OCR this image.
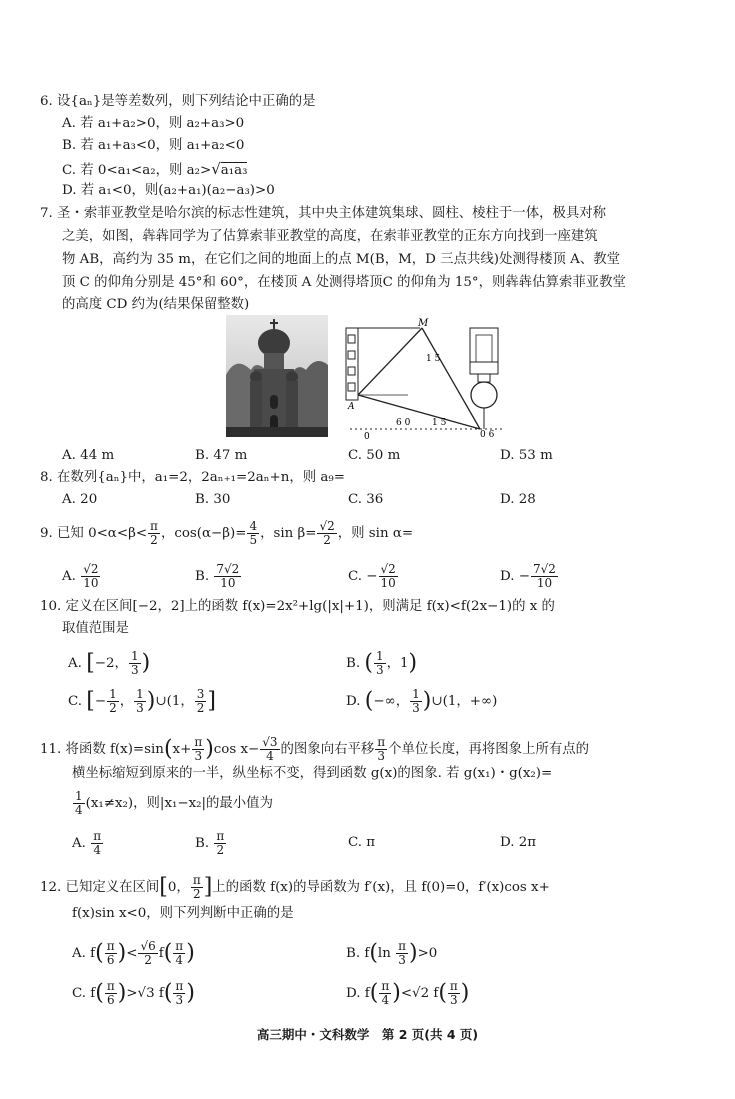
6. 设{aₙ}是等差数列，则下列结论中正确的是
A. 若 a₁+a₂>0，则 a₂+a₃>0
B. 若 a₁+a₃<0，则 a₁+a₂<0
C. 若 0<a₁<a₂，则 a₂>√a₁a₃
D. 若 a₁<0，则(a₂+a₁)(a₂−a₃)>0
7. 圣・索菲亚教堂是哈尔滨的标志性建筑，其中央主体建筑集球、圆柱、棱柱于一体，极具对称
之美，如图，犇犇同学为了估算索菲亚教堂的高度，在索菲亚教堂的正东方向找到一座建筑
物 AB，高约为 35 m，在它们之间的地面上的点 M(B，M，D 三点共线)处测得楼顶 A、教堂
顶 C 的仰角分别是 45°和 60°，在楼顶 A 处测得塔顶C 的仰角为 15°，则犇犇估算索菲亚教堂
的高度 CD 约为(结果保留整数)
M
1 5
A
0
6 0 1 5
0 6
A. 44 m	B. 47 m	C. 50 m	D. 53 m
8. 在数列{aₙ}中，a₁=2，2aₙ₊₁=2aₙ+n，则 a₉=
A. 20	B. 30	C. 36	D. 28
9. 已知 $0<\alpha<\beta< \frac{\pi}{2}$ ，$\cos(\alpha-\beta)= \frac{4}{5}$ ，$\sin \beta= \frac{√2}{2}$ ，则 sin α=
A. $\frac{√2}{10}$	B. $\frac{7√2}{10}$	C. − $\frac{√2}{10}$	D. − $\frac{7√2}{10}$
10. 定义在区间[−2，2]上的函数 f(x)=2x²+lg(|x|+1)，则满足 f(x)<f(2x−1)的 x 的
取值范围是
A. [−2， $\frac{1}{3}$ )	B. ( $\frac{1}{3}$ ，1)
C. [− $\frac{1}{2}$ ， $\frac{1}{3}$ )∪(1， $\frac{3}{2}$ ]	D. (−∞， $\frac{1}{3}$ )∪(1，+∞)
11. 将函数 $f(x)=\sin(x+ \frac{\pi}{3} )\cos$ $x- \frac{√3}{4}$ 的图象向右平移 $\frac{\pi}{3}$ 个单位长度，再将图象上所有点的
横坐标缩短到原来的一半，纵坐标不变，得到函数 g(x)的图象. 若 g(x₁)・g(x₂)=
$\frac{1}{4} (x_1\ne x_2)$，则|x₁−x₂|的最小值为
A. $\frac{\pi}{4}$	B. $\frac{\pi}{2}$	C. π	D. 2π
12. 已知定义在区间[0， $\frac{\pi}{2}$ ]上的函数 f(x)的导函数为 f′(x)，且 f(0)=0，f′(x)cos x+
f(x)sin x<0，则下列判断中正确的是
A. $f( \frac{\pi}{6}$ )< $\frac{√6}{2} f( \frac{\pi}{4}$ )	B. $f(\ln \frac{\pi}{3} )>0$
C. $f( \frac{\pi}{6} )>√3$ $f( \frac{\pi}{3}$ )	D. $f( \frac{\pi}{4} )<√2$ $f( \frac{\pi}{3}$ )
高三期中・文科数学　第 2 页(共 4 页)
